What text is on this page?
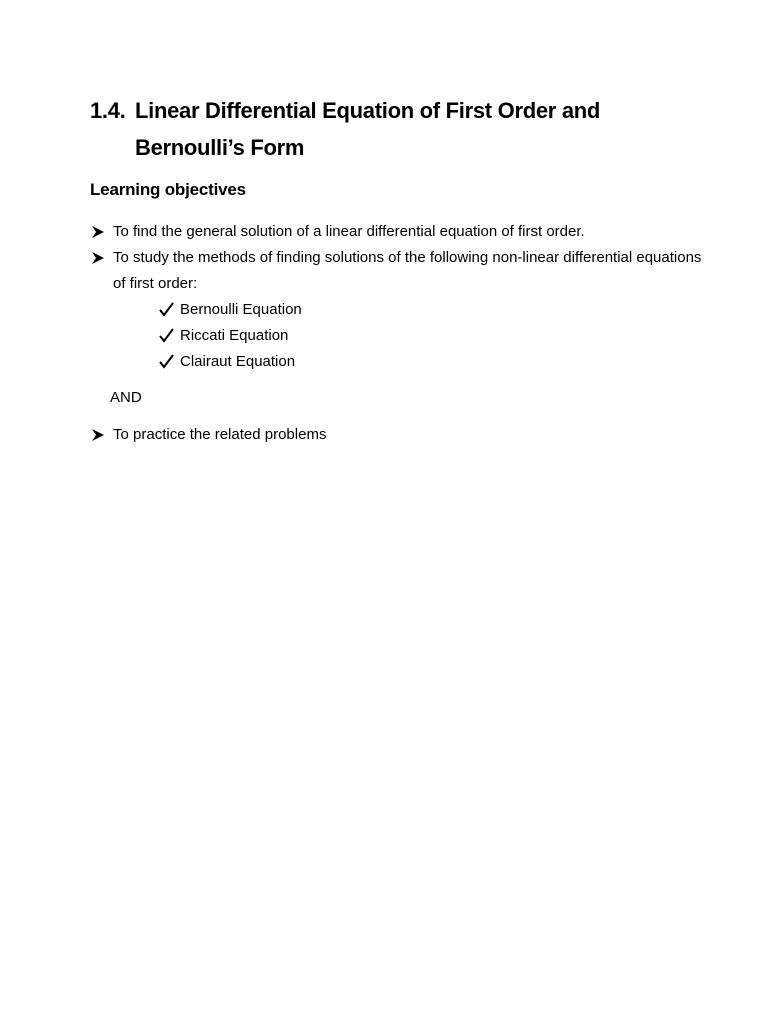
1.4. Linear Differential Equation of First Order and
Bernoulli’s Form
Learning objectives
To find the general solution of a linear differential equation of first order.
To study the methods of finding solutions of the following non-linear differential equations of first order:
Bernoulli Equation
Riccati Equation
Clairaut Equation
AND
To practice the related problems
